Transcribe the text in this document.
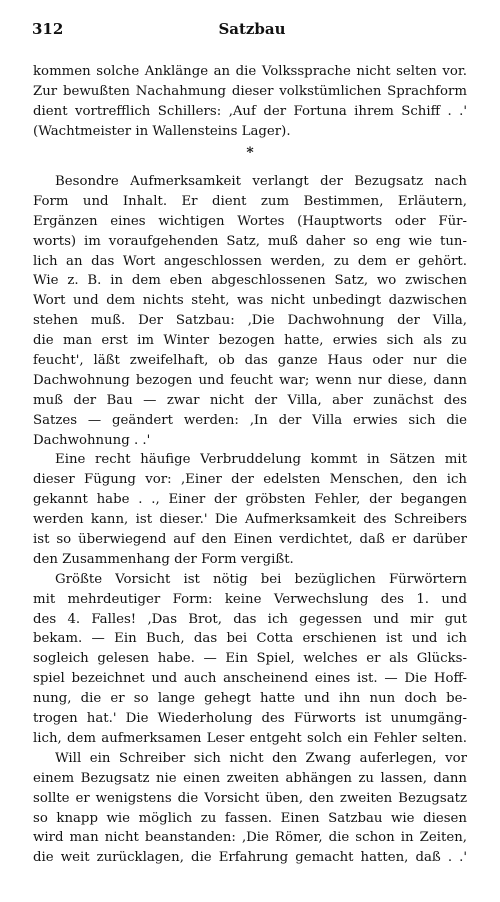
312	Satzbau
kommen solche Anklänge an die Volkssprache nicht selten vor.
Zur bewußten Nachahmung dieser volkstümlichen Sprachform
dient vortrefflich Schillers: ‚Auf der Fortuna ihrem Schiff . .'
(Wachtmeister in Wallensteins Lager).
*
Besondre Aufmerksamkeit verlangt der Bezugsatz nach
Form und Inhalt. Er dient zum Bestimmen, Erläutern,
Ergänzen eines wichtigen Wortes (Hauptworts oder Für-
worts) im voraufgehenden Satz, muß daher so eng wie tun-
lich an das Wort angeschlossen werden, zu dem er gehört.
Wie z. B. in dem eben abgeschlossenen Satz, wo zwischen
Wort und dem nichts steht, was nicht unbedingt dazwischen
stehen muß. Der Satzbau: ‚Die Dachwohnung der Villa,
die man erst im Winter bezogen hatte, erwies sich als zu
feucht', läßt zweifelhaft, ob das ganze Haus oder nur die
Dachwohnung bezogen und feucht war; wenn nur diese, dann
muß der Bau — zwar nicht der Villa, aber zunächst des
Satzes — geändert werden: ‚In der Villa erwies sich die
Dachwohnung . .'
Eine recht häufige Verbruddelung kommt in Sätzen mit
dieser Fügung vor: ‚Einer der edelsten Menschen, den ich
gekannt habe . ., Einer der gröbsten Fehler, der begangen
werden kann, ist dieser.' Die Aufmerksamkeit des Schreibers
ist so überwiegend auf den Einen verdichtet, daß er darüber
den Zusammenhang der Form vergißt.
Größte Vorsicht ist nötig bei bezüglichen Fürwörtern
mit mehrdeutiger Form: keine Verwechslung des 1. und
des 4. Falles! ‚Das Brot, das ich gegessen und mir gut
bekam. — Ein Buch, das bei Cotta erschienen ist und ich
sogleich gelesen habe. — Ein Spiel, welches er als Glücks-
spiel bezeichnet und auch anscheinend eines ist. — Die Hoff-
nung, die er so lange gehegt hatte und ihn nun doch be-
trogen hat.' Die Wiederholung des Fürworts ist unumgäng-
lich, dem aufmerksamen Leser entgeht solch ein Fehler selten.
Will ein Schreiber sich nicht den Zwang auferlegen, vor
einem Bezugsatz nie einen zweiten abhängen zu lassen, dann
sollte er wenigstens die Vorsicht üben, den zweiten Bezugsatz
so knapp wie möglich zu fassen. Einen Satzbau wie diesen
wird man nicht beanstanden: ‚Die Römer, die schon in Zeiten,
die weit zurücklagen, die Erfahrung gemacht hatten, daß . .'
